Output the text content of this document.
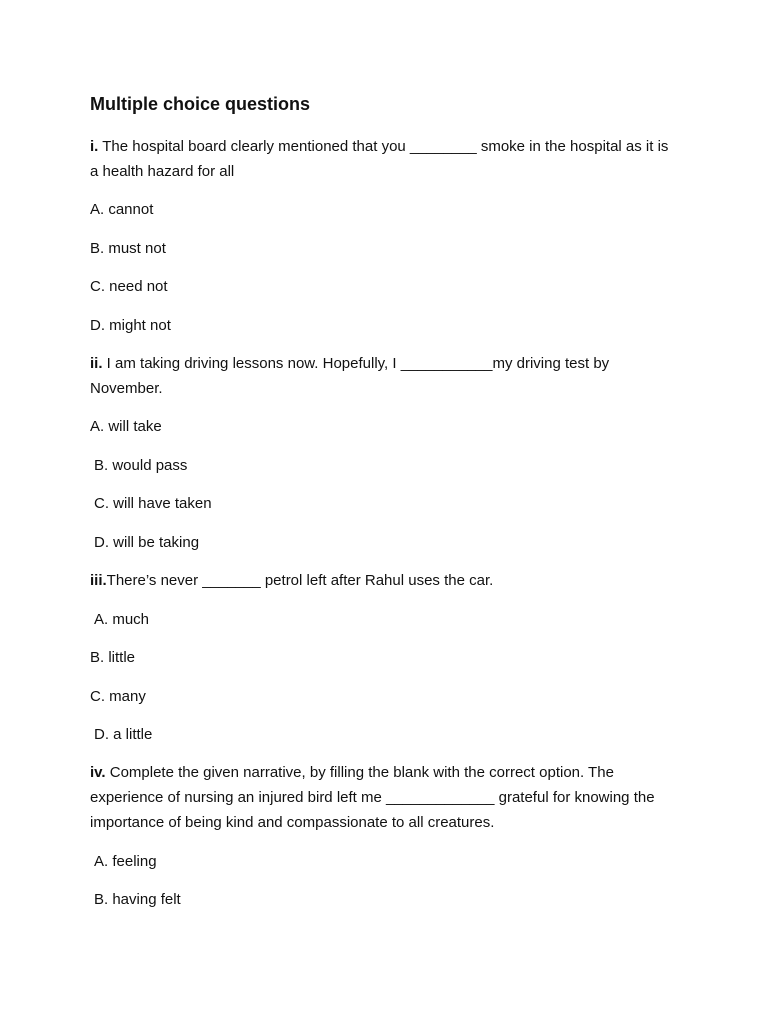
Multiple choice questions
i. The hospital board clearly mentioned that you ________ smoke in the hospital as it is a health hazard for all
A. cannot
B. must not
C. need not
D. might not
ii. I am taking driving lessons now. Hopefully, I ___________my driving test by November.
A. will take
B. would pass
C. will have taken
D. will be taking
iii.There’s never _______ petrol left after Rahul uses the car.
A. much
B. little
C. many
D. a little
iv. Complete the given narrative, by filling the blank with the correct option. The experience of nursing an injured bird left me _____________ grateful for knowing the importance of being kind and compassionate to all creatures.
A. feeling
B. having felt
